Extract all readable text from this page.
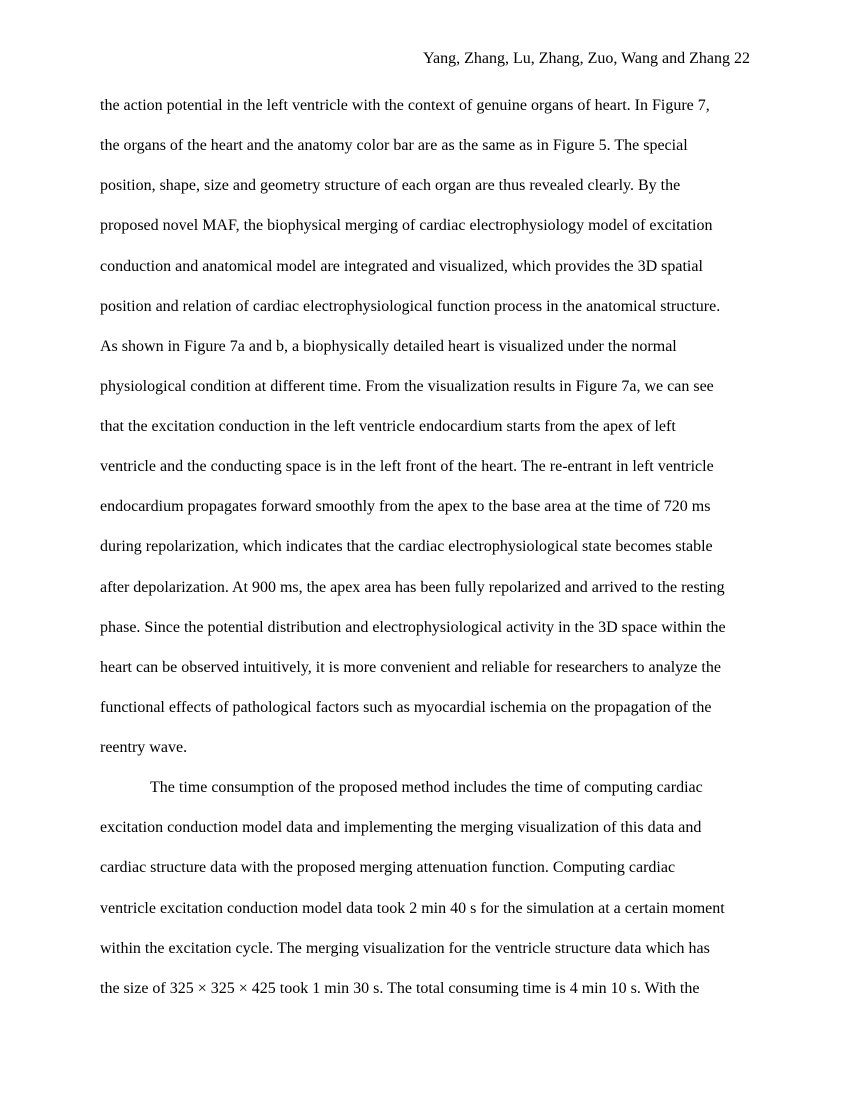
Yang, Zhang, Lu, Zhang, Zuo, Wang and Zhang 22
the action potential in the left ventricle with the context of genuine organs of heart. In Figure 7,
the organs of the heart and the anatomy color bar are as the same as in Figure 5. The special
position, shape, size and geometry structure of each organ are thus revealed clearly. By the
proposed novel MAF, the biophysical merging of cardiac electrophysiology model of excitation
conduction and anatomical model are integrated and visualized, which provides the 3D spatial
position and relation of cardiac electrophysiological function process in the anatomical structure.
As shown in Figure 7a and b, a biophysically detailed heart is visualized under the normal
physiological condition at different time. From the visualization results in Figure 7a, we can see
that the excitation conduction in the left ventricle endocardium starts from the apex of left
ventricle and the conducting space is in the left front of the heart. The re-entrant in left ventricle
endocardium propagates forward smoothly from the apex to the base area at the time of 720 ms
during repolarization, which indicates that the cardiac electrophysiological state becomes stable
after depolarization. At 900 ms, the apex area has been fully repolarized and arrived to the resting
phase. Since the potential distribution and electrophysiological activity in the 3D space within the
heart can be observed intuitively, it is more convenient and reliable for researchers to analyze the
functional effects of pathological factors such as myocardial ischemia on the propagation of the
reentry wave.
The time consumption of the proposed method includes the time of computing cardiac
excitation conduction model data and implementing the merging visualization of this data and
cardiac structure data with the proposed merging attenuation function. Computing cardiac
ventricle excitation conduction model data took 2 min 40 s for the simulation at a certain moment
within the excitation cycle. The merging visualization for the ventricle structure data which has
the size of 325 × 325 × 425 took 1 min 30 s. The total consuming time is 4 min 10 s. With the
